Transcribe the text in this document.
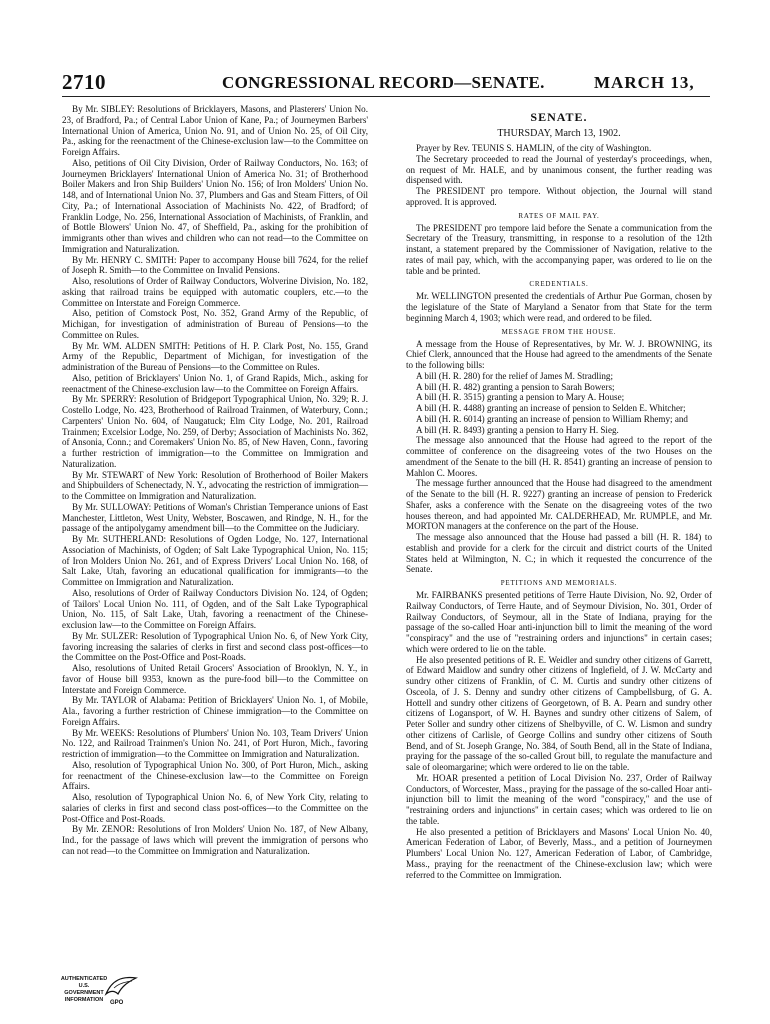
2710	CONGRESSIONAL RECORD—SENATE.	MARCH 13,

By Mr. SIBLEY: Resolutions of Bricklayers, Masons, and Plasterers' Union No. 23, of Bradford, Pa.; of Central Labor Union of Kane, Pa.; of Journeymen Barbers' International Union of America, Union No. 91, and of Union No. 25, of Oil City, Pa., asking for the reenactment of the Chinese-exclusion law—to the Committee on Foreign Affairs.

Also, petitions of Oil City Division, Order of Railway Conductors, No. 163; of Journeymen Bricklayers' International Union of America No. 31; of Brotherhood Boiler Makers and Iron Ship Builders' Union No. 156; of Iron Molders' Union No. 148, and of International Union No. 37, Plumbers and Gas and Steam Fitters, of Oil City, Pa.; of International Association of Machinists No. 422, of Bradford; of Franklin Lodge, No. 256, International Association of Machinists, of Franklin, and of Bottle Blowers' Union No. 47, of Sheffield, Pa., asking for the prohibition of immigrants other than wives and children who can not read—to the Committee on Immigration and Naturalization.

By Mr. HENRY C. SMITH: Paper to accompany House bill 7624, for the relief of Joseph R. Smith—to the Committee on Invalid Pensions.

Also, resolutions of Order of Railway Conductors, Wolverine Division, No. 182, asking that railroad trains be equipped with automatic couplers, etc.—to the Committee on Interstate and Foreign Commerce.

Also, petition of Comstock Post, No. 352, Grand Army of the Republic, of Michigan, for investigation of administration of Bureau of Pensions—to the Committee on Rules.

By Mr. WM. ALDEN SMITH: Petitions of H. P. Clark Post, No. 155, Grand Army of the Republic, Department of Michigan, for investigation of the administration of the Bureau of Pensions—to the Committee on Rules.

Also, petition of Bricklayers' Union No. 1, of Grand Rapids, Mich., asking for reenactment of the Chinese-exclusion law—to the Committee on Foreign Affairs.

By Mr. SPERRY: Resolution of Bridgeport Typographical Union, No. 329; R. J. Costello Lodge, No. 423, Brotherhood of Railroad Trainmen, of Waterbury, Conn.; Carpenters' Union No. 604, of Naugatuck; Elm City Lodge, No. 201, Railroad Trainmen; Excelsior Lodge, No. 259, of Derby; Association of Machinists No. 362, of Ansonia, Conn.; and Coremakers' Union No. 85, of New Haven, Conn., favoring a further restriction of immigration—to the Committee on Immigration and Naturalization.

By Mr. STEWART of New York: Resolution of Brotherhood of Boiler Makers and Shipbuilders of Schenectady, N. Y., advocating the restriction of immigration—to the Committee on Immigration and Naturalization.

By Mr. SULLOWAY: Petitions of Woman's Christian Temperance unions of East Manchester, Littleton, West Unity, Webster, Boscawen, and Rindge, N. H., for the passage of the antipolygamy amendment bill—to the Committee on the Judiciary.

By Mr. SUTHERLAND: Resolutions of Ogden Lodge, No. 127, International Association of Machinists, of Ogden; of Salt Lake Typographical Union, No. 115; of Iron Molders Union No. 261, and of Express Drivers' Local Union No. 168, of Salt Lake, Utah, favoring an educational qualification for immigrants—to the Committee on Immigration and Naturalization.

Also, resolutions of Order of Railway Conductors Division No. 124, of Ogden; of Tailors' Local Union No. 111, of Ogden, and of the Salt Lake Typographical Union, No. 115, of Salt Lake, Utah, favoring a reenactment of the Chinese-exclusion law—to the Committee on Foreign Affairs.

By Mr. SULZER: Resolution of Typographical Union No. 6, of New York City, favoring increasing the salaries of clerks in first and second class post-offices—to the Committee on the Post-Office and Post-Roads.

Also, resolutions of United Retail Grocers' Association of Brooklyn, N. Y., in favor of House bill 9353, known as the pure-food bill—to the Committee on Interstate and Foreign Commerce.

By Mr. TAYLOR of Alabama: Petition of Bricklayers' Union No. 1, of Mobile, Ala., favoring a further restriction of Chinese immigration—to the Committee on Foreign Affairs.

By Mr. WEEKS: Resolutions of Plumbers' Union No. 103, Team Drivers' Union No. 122, and Railroad Trainmen's Union No. 241, of Port Huron, Mich., favoring restriction of immigration—to the Committee on Immigration and Naturalization.

Also, resolution of Typographical Union No. 300, of Port Huron, Mich., asking for reenactment of the Chinese-exclusion law—to the Committee on Foreign Affairs.

Also, resolution of Typographical Union No. 6, of New York City, relating to salaries of clerks in first and second class post-offices—to the Committee on the Post-Office and Post-Roads.

By Mr. ZENOR: Resolutions of Iron Molders' Union No. 187, of New Albany, Ind., for the passage of laws which will prevent the immigration of persons who can not read—to the Committee on Immigration and Naturalization.

SENATE.
THURSDAY, March 13, 1902.

Prayer by Rev. TEUNIS S. HAMLIN, of the city of Washington.

The Secretary proceeded to read the Journal of yesterday's proceedings, when, on request of Mr. HALE, and by unanimous consent, the further reading was dispensed with.

The PRESIDENT pro tempore. Without objection, the Journal will stand approved. It is approved.

RATES OF MAIL PAY.

The PRESIDENT pro tempore laid before the Senate a communication from the Secretary of the Treasury, transmitting, in response to a resolution of the 12th instant, a statement prepared by the Commissioner of Navigation, relative to the rates of mail pay, which, with the accompanying paper, was ordered to lie on the table and be printed.

CREDENTIALS.

Mr. WELLINGTON presented the credentials of Arthur Pue Gorman, chosen by the legislature of the State of Maryland a Senator from that State for the term beginning March 4, 1903; which were read, and ordered to be filed.

MESSAGE FROM THE HOUSE.

A message from the House of Representatives, by Mr. W. J. BROWNING, its Chief Clerk, announced that the House had agreed to the amendments of the Senate to the following bills:

A bill (H. R. 280) for the relief of James M. Stradling;

A bill (H. R. 482) granting a pension to Sarah Bowers;

A bill (H. R. 3515) granting a pension to Mary A. House;

A bill (H. R. 4488) granting an increase of pension to Selden E. Whitcher;

A bill (H. R. 6014) granting an increase of pension to William Rhemy; and

A bill (H. R. 8493) granting a pension to Harry H. Sieg.

The message also announced that the House had agreed to the report of the committee of conference on the disagreeing votes of the two Houses on the amendment of the Senate to the bill (H. R. 8541) granting an increase of pension to Mahlon C. Moores.

The message further announced that the House had disagreed to the amendment of the Senate to the bill (H. R. 9227) granting an increase of pension to Frederick Shafer, asks a conference with the Senate on the disagreeing votes of the two houses thereon, and had appointed Mr. CALDERHEAD, Mr. RUMPLE, and Mr. MORTON managers at the conference on the part of the House.

The message also announced that the House had passed a bill (H. R. 184) to establish and provide for a clerk for the circuit and district courts of the United States held at Wilmington, N. C.; in which it requested the concurrence of the Senate.

PETITIONS AND MEMORIALS.

Mr. FAIRBANKS presented petitions of Terre Haute Division, No. 92, Order of Railway Conductors, of Terre Haute, and of Seymour Division, No. 301, Order of Railway Conductors, of Seymour, all in the State of Indiana, praying for the passage of the so-called Hoar anti-injunction bill to limit the meaning of the word "conspiracy" and the use of "restraining orders and injunctions" in certain cases; which were ordered to lie on the table.

He also presented petitions of R. E. Weidler and sundry other citizens of Garrett, of Edward Maidlow and sundry other citizens of Inglefield, of J. W. McCarty and sundry other citizens of Franklin, of C. M. Curtis and sundry other citizens of Osceola, of J. S. Denny and sundry other citizens of Campbellsburg, of G. A. Hottell and sundry other citizens of Georgetown, of B. A. Pearn and sundry other citizens of Logansport, of W. H. Baynes and sundry other citizens of Salem, of Peter Soller and sundry other citizens of Shelbyville, of C. W. Lismon and sundry other citizens of Carlisle, of George Collins and sundry other citizens of South Bend, and of St. Joseph Grange, No. 384, of South Bend, all in the State of Indiana, praying for the passage of the so-called Grout bill, to regulate the manufacture and sale of oleomargarine; which were ordered to lie on the table.

Mr. HOAR presented a petition of Local Division No. 237, Order of Railway Conductors, of Worcester, Mass., praying for the passage of the so-called Hoar anti-injunction bill to limit the meaning of the word "conspiracy," and the use of "restraining orders and injunctions" in certain cases; which was ordered to lie on the table.

He also presented a petition of Bricklayers and Masons' Local Union No. 40, American Federation of Labor, of Beverly, Mass., and a petition of Journeymen Plumbers' Local Union No. 127, American Federation of Labor, of Cambridge, Mass., praying for the reenactment of the Chinese-exclusion law; which were referred to the Committee on Immigration.

AUTHENTICATED
U.S. GOVERNMENT
INFORMATION	GPO
